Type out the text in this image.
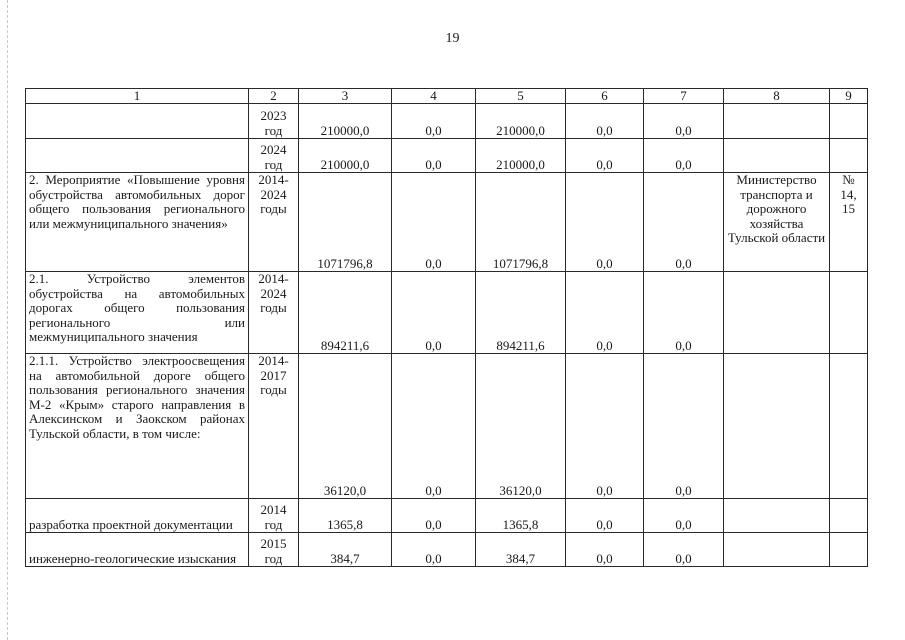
19
1	2	3	4	5	6	7	8	9
	2023 год	210000,0	0,0	210000,0	0,0	0,0		
	2024 год	210000,0	0,0	210000,0	0,0	0,0		
2. Мероприятие «Повышение уровня обустройства автомобильных дорог общего пользования регионального или межмуниципального значения»	2014-2024 годы	1071796,8	0,0	1071796,8	0,0	0,0	Министерство транспорта и дорожного хозяйства Тульской области	№ 14, 15
2.1. Устройство элементов обустройства на автомобильных дорогах общего пользования регионального или межмуниципального значения	2014-2024 годы	894211,6	0,0	894211,6	0,0	0,0		
2.1.1. Устройство электроосвещения на автомобильной дороге общего пользования регионального значения М-2 «Крым» старого направления в Алексинском и Заокском районах Тульской области, в том числе:	2014-2017 годы	36120,0	0,0	36120,0	0,0	0,0		
разработка проектной документации	2014 год	1365,8	0,0	1365,8	0,0	0,0		
инженерно-геологические изыскания	2015 год	384,7	0,0	384,7	0,0	0,0		
